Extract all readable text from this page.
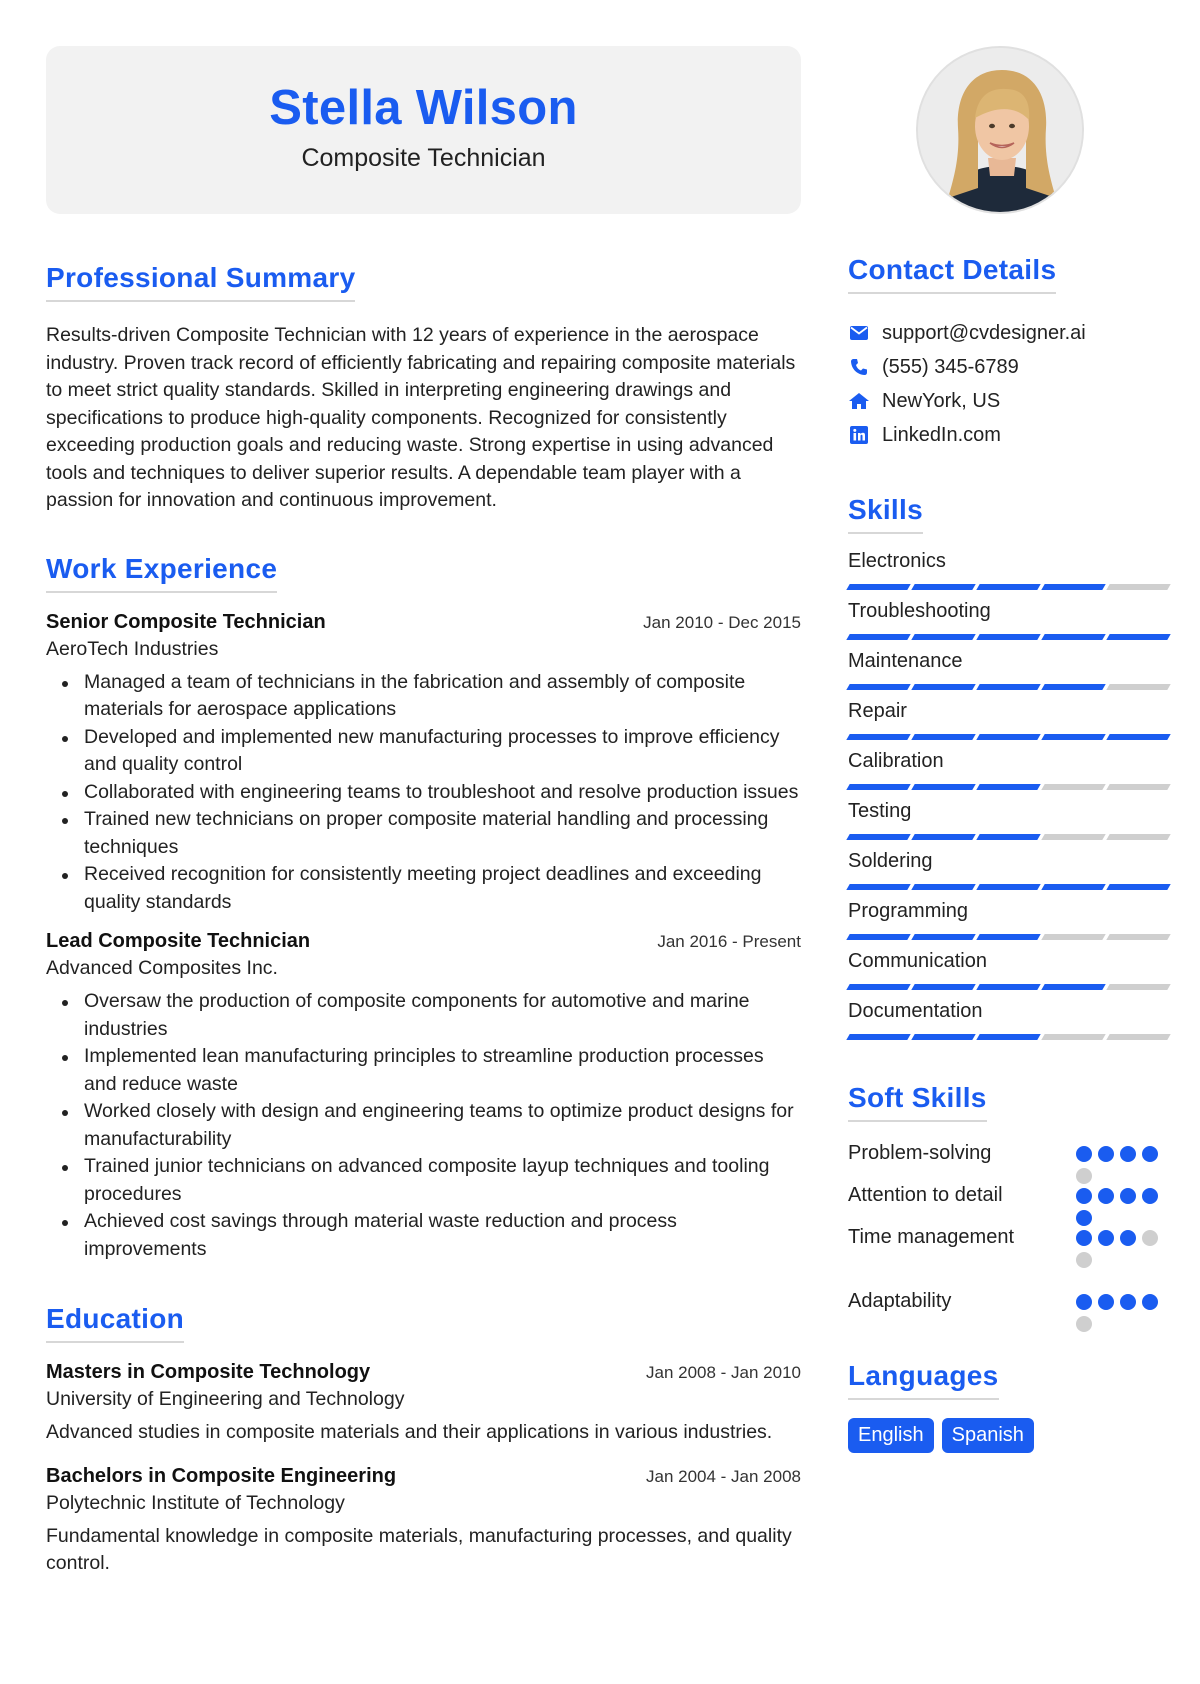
Stella Wilson
Composite Technician
Professional Summary

Results-driven Composite Technician with 12 years of experience in the aerospace industry. Proven track record of efficiently fabricating and repairing composite materials to meet strict quality standards. Skilled in interpreting engineering drawings and specifications to produce high-quality components. Recognized for consistently exceeding production goals and reducing waste. Strong expertise in using advanced tools and techniques to deliver superior results. A dependable team player with a passion for innovation and continuous improvement.

Work Experience
Senior Composite Technician	Jan 2010 - Dec 2015
AeroTech Industries
Managed a team of technicians in the fabrication and assembly of composite materials for aerospace applications
Developed and implemented new manufacturing processes to improve efficiency and quality control
Collaborated with engineering teams to troubleshoot and resolve production issues
Trained new technicians on proper composite material handling and processing techniques
Received recognition for consistently meeting project deadlines and exceeding quality standards
Lead Composite Technician	Jan 2016 - Present
Advanced Composites Inc.
Oversaw the production of composite components for automotive and marine industries
Implemented lean manufacturing principles to streamline production processes and reduce waste
Worked closely with design and engineering teams to optimize product designs for manufacturability
Trained junior technicians on advanced composite layup techniques and tooling procedures
Achieved cost savings through material waste reduction and process improvements
Education
Masters in Composite Technology	Jan 2008 - Jan 2010
University of Engineering and Technology

Advanced studies in composite materials and their applications in various industries.

Bachelors in Composite Engineering	Jan 2004 - Jan 2008
Polytechnic Institute of Technology

Fundamental knowledge in composite materials, manufacturing processes, and quality control.

Contact Details
support@cvdesigner.ai
(555) 345-6789
NewYork, US
LinkedIn.com
Skills
Electronics
Troubleshooting
Maintenance
Repair
Calibration
Testing
Soldering
Programming
Communication
Documentation
Soft Skills
Problem-solving
Attention to detail
Time management
Adaptability
Languages
English	Spanish
